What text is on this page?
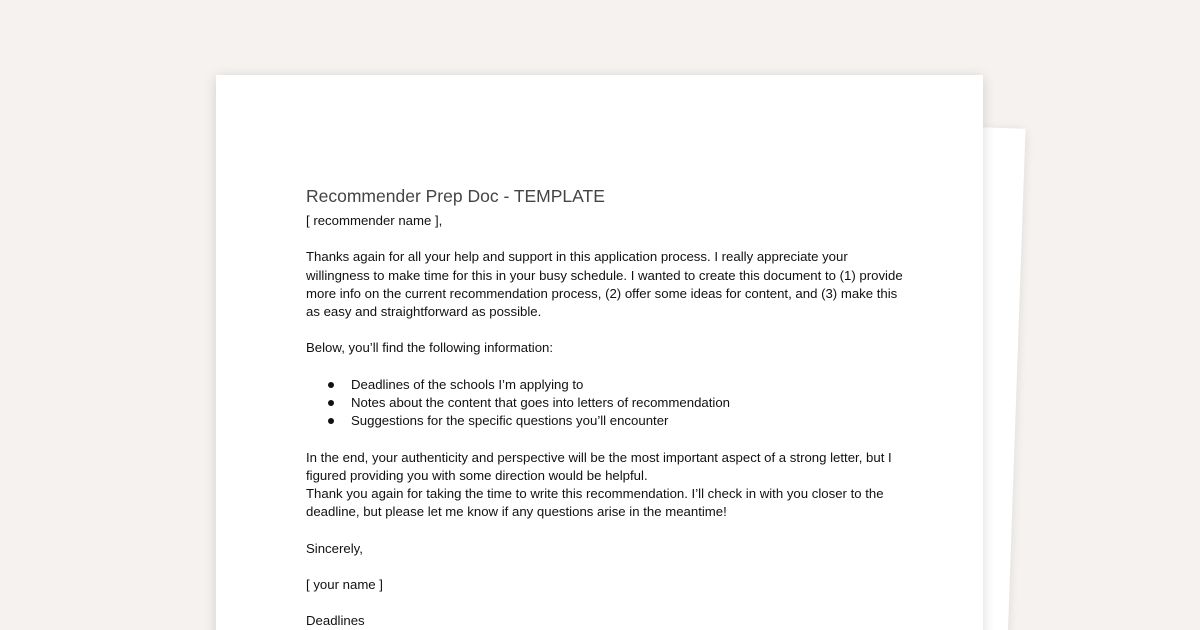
Recommender Prep Doc - TEMPLATE

[ recommender name ],

Thanks again for all your help and support in this application process. I really appreciate your willingness to make time for this in your busy schedule. I wanted to create this document to (1) provide more info on the current recommendation process, (2) offer some ideas for content, and (3) make this as easy and straightforward as possible.

Below, you’ll find the following information:

Deadlines of the schools I’m applying to
Notes about the content that goes into letters of recommendation
Suggestions for the specific questions you’ll encounter

In the end, your authenticity and perspective will be the most important aspect of a strong letter, but I figured providing you with some direction would be helpful.

Thank you again for taking the time to write this recommendation. I’ll check in with you closer to the deadline, but please let me know if any questions arise in the meantime!

Sincerely,

[ your name ]

Deadlines
